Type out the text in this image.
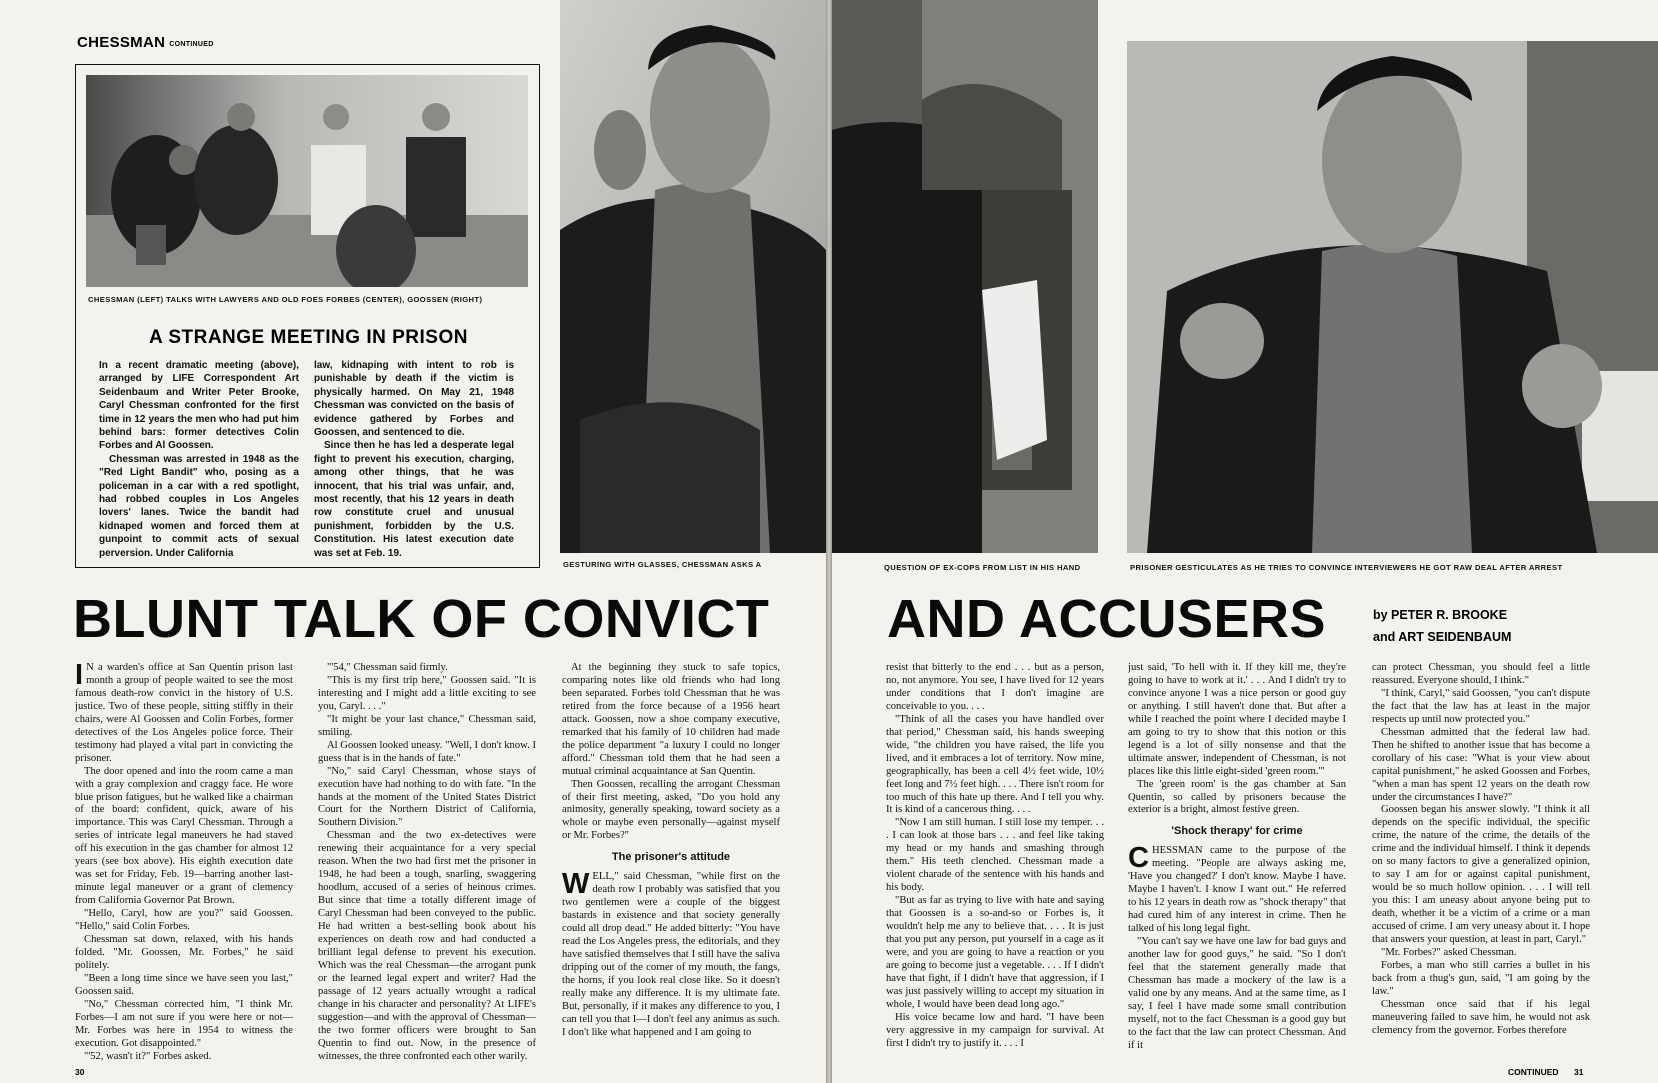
CHESSMAN CONTINUED
CHESSMAN (LEFT) TALKS WITH LAWYERS AND OLD FOES FORBES (CENTER), GOOSSEN (RIGHT)
A STRANGE MEETING IN PRISON

In a recent dramatic meeting (above), arranged by LIFE Correspondent Art Seidenbaum and Writer Peter Brooke, Caryl Chessman confronted for the first time in 12 years the men who had put him behind bars: former detectives Colin Forbes and Al Goossen.

Chessman was arrested in 1948 as the "Red Light Bandit" who, posing as a policeman in a car with a red spotlight, had robbed couples in Los Angeles lovers' lanes. Twice the bandit had kidnaped women and forced them at gunpoint to commit acts of sexual perversion. Under California

law, kidnaping with intent to rob is punishable by death if the victim is physically harmed. On May 21, 1948 Chessman was convicted on the basis of evidence gathered by Forbes and Goossen, and sentenced to die.

Since then he has led a desperate legal fight to prevent his execution, charging, among other things, that he was innocent, that his trial was unfair, and, most recently, that his 12 years in death row constitute cruel and unusual punishment, forbidden by the U.S. Constitution. His latest execution date was set at Feb. 19.

GESTURING WITH GLASSES, CHESSMAN ASKS A
BLUNT TALK OF CONVICT

I N a warden's office at San Quentin prison last month a group of people waited to see the most famous death-row convict in the history of U.S. justice. Two of these people, sitting stiffly in their chairs, were Al Goossen and Colin Forbes, former detectives of the Los Angeles police force. Their testimony had played a vital part in convicting the prisoner.

The door opened and into the room came a man with a gray complexion and craggy face. He wore blue prison fatigues, but he walked like a chairman of the board: confident, quick, aware of his importance. This was Caryl Chessman. Through a series of intricate legal maneuvers he had staved off his execution in the gas chamber for almost 12 years (see box above). His eighth execution date was set for Friday, Feb. 19—barring another last-minute legal maneuver or a grant of clemency from California Governor Pat Brown.

"Hello, Caryl, how are you?" said Goossen. "Hello," said Colin Forbes.

Chessman sat down, relaxed, with his hands folded. "Mr. Goossen, Mr. Forbes," he said politely.

"Been a long time since we have seen you last," Goossen said.

"No," Chessman corrected him, "I think Mr. Forbes—I am not sure if you were here or not—Mr. Forbes was here in 1954 to witness the execution. Got disappointed."

"'52, wasn't it?" Forbes asked.

"'54," Chessman said firmly.

"This is my first trip here," Goossen said. "It is interesting and I might add a little exciting to see you, Caryl. . . ."

"It might be your last chance," Chessman said, smiling.

Al Goossen looked uneasy. "Well, I don't know. I guess that is in the hands of fate."

"No," said Caryl Chessman, whose stays of execution have had nothing to do with fate. "In the hands at the moment of the United States District Court for the Northern District of California, Southern Division."

Chessman and the two ex-detectives were renewing their acquaintance for a very special reason. When the two had first met the prisoner in 1948, he had been a tough, snarling, swaggering hoodlum, accused of a series of heinous crimes. But since that time a totally different image of Caryl Chessman had been conveyed to the public. He had written a best-selling book about his experiences on death row and had conducted a brilliant legal defense to prevent his execution. Which was the real Chessman—the arrogant punk or the learned legal expert and writer? Had the passage of 12 years actually wrought a radical change in his character and personality? At LIFE's suggestion—and with the approval of Chessman—the two former officers were brought to San Quentin to find out. Now, in the presence of witnesses, the three confronted each other warily.

At the beginning they stuck to safe topics, comparing notes like old friends who had long been separated. Forbes told Chessman that he was retired from the force because of a 1956 heart attack. Goossen, now a shoe company executive, remarked that his family of 10 children had made the police department "a luxury I could no longer afford." Chessman told them that he had seen a mutual criminal acquaintance at San Quentin.

Then Goossen, recalling the arrogant Chessman of their first meeting, asked, "Do you hold any animosity, generally speaking, toward society as a whole or maybe even personally—against myself or Mr. Forbes?"

The prisoner's attitude

WELL," said Chessman, "while first on the death row I probably was satisfied that you two gentlemen were a couple of the biggest bastards in existence and that society generally could all drop dead." He added bitterly: "You have read the Los Angeles press, the editorials, and they have satisfied themselves that I still have the saliva dripping out of the corner of my mouth, the fangs, the horns, if you look real close like. So it doesn't really make any difference. It is my ultimate fate. But, personally, if it makes any difference to you, I can tell you that I—I don't feel any animus as such. I don't like what happened and I am going to

30
QUESTION OF EX-COPS FROM LIST IN HIS HAND	PRISONER GESTICULATES AS HE TRIES TO CONVINCE INTERVIEWERS HE GOT RAW DEAL AFTER ARREST
AND ACCUSERS	by PETER R. BROOKE
and ART SEIDENBAUM

resist that bitterly to the end . . . but as a person, no, not anymore. You see, I have lived for 12 years under conditions that I don't imagine are conceivable to you. . . .

"Think of all the cases you have handled over that period," Chessman said, his hands sweeping wide, "the children you have raised, the life you lived, and it embraces a lot of territory. Now mine, geographically, has been a cell 4½ feet wide, 10½ feet long and 7½ feet high. . . . There isn't room for too much of this hate up there. And I tell you why. It is kind of a cancerous thing. . . .

"Now I am still human. I still lose my temper. . . . I can look at those bars . . . and feel like taking my head or my hands and smashing through them." His teeth clenched. Chessman made a violent charade of the sentence with his hands and his body.

"But as far as trying to live with hate and saying that Goossen is a so-and-so or Forbes is, it wouldn't help me any to believe that. . . . It is just that you put any person, put yourself in a cage as it were, and you are going to have a reaction or you are going to become just a vegetable. . . . If I didn't have that fight, if I didn't have that aggression, if I was just passively willing to accept my situation in whole, I would have been dead long ago."

His voice became low and hard. "I have been very aggressive in my campaign for survival. At first I didn't try to justify it. . . . I

just said, 'To hell with it. If they kill me, they're going to have to work at it.' . . . And I didn't try to convince anyone I was a nice person or good guy or anything. I still haven't done that. But after a while I reached the point where I decided maybe I am going to try to show that this notion or this legend is a lot of silly nonsense and that the ultimate answer, independent of Chessman, is not places like this little eight-sided 'green room.'"

The 'green room' is the gas chamber at San Quentin, so called by prisoners because the exterior is a bright, almost festive green.

'Shock therapy' for crime

CHESSMAN came to the purpose of the meeting. "People are always asking me, 'Have you changed?' I don't know. Maybe I have. Maybe I haven't. I know I want out." He referred to his 12 years in death row as "shock therapy" that had cured him of any interest in crime. Then he talked of his long legal fight.

"You can't say we have one law for bad guys and another law for good guys," he said. "So I don't feel that the statement generally made that Chessman has made a mockery of the law is a valid one by any means. And at the same time, as I say, I feel I have made some small contribution myself, not to the fact Chessman is a good guy but to the fact that the law can protect Chessman. And if it

can protect Chessman, you should feel a little reassured. Everyone should, I think."

"I think, Caryl," said Goossen, "you can't dispute the fact that the law has at least in the major respects up until now protected you."

Chessman admitted that the federal law had. Then he shifted to another issue that has become a corollary of his case: "What is your view about capital punishment," he asked Goossen and Forbes, "when a man has spent 12 years on the death row under the circumstances I have?"

Goossen began his answer slowly. "I think it all depends on the specific individual, the specific crime, the nature of the crime, the details of the crime and the individual himself. I think it depends on so many factors to give a generalized opinion, to say I am for or against capital punishment, would be so much hollow opinion. . . . I will tell you this: I am uneasy about anyone being put to death, whether it be a victim of a crime or a man accused of crime. I am very uneasy about it. I hope that answers your question, at least in part, Caryl."

"Mr. Forbes?" asked Chessman.

Forbes, a man who still carries a bullet in his back from a thug's gun, said, "I am going by the law."

Chessman once said that if his legal maneuvering failed to save him, he would not ask clemency from the governor. Forbes therefore

CONTINUED 31
